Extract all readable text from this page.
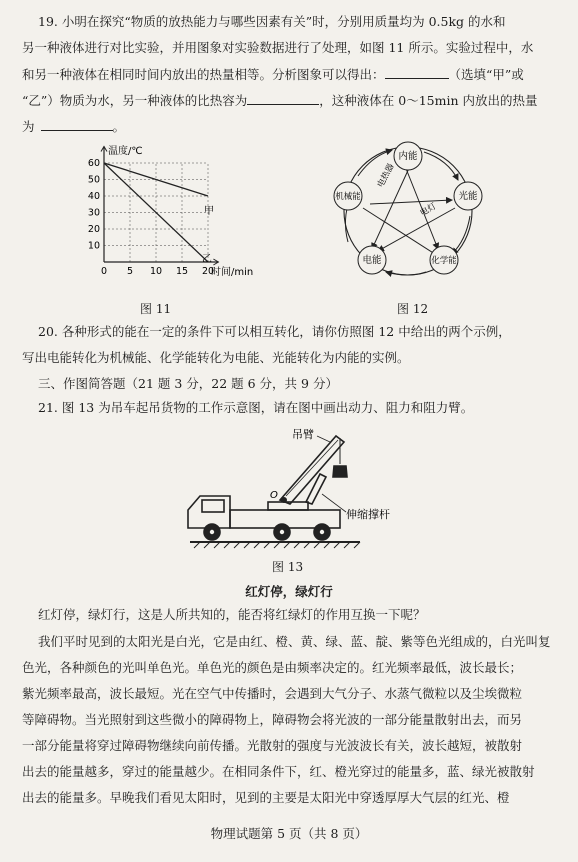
19. 小明在探究“物质的放热能力与哪些因素有关”时，分别用质量均为 0.5kg 的水和
另一种液体进行对比实验，并用图象对实验数据进行了处理，如图 11 所示。实验过程中，水
和另一种液体在相同时间内放出的热量相等。分析图象可以得出：	（选填“甲”或
“乙”）物质为水，另一种液体的比热容为	，这种液体在 0～15min 内放出的热量
为	。
10
20
30
40
50
60
0 5 10 15 20
温度/℃
时间/min
甲
乙
图 11
内能
光能
化学能
电能
机械能
电热器
电灯
图 12
20. 各种形式的能在一定的条件下可以相互转化，请你仿照图 12 中给出的两个示例，
写出电能转化为机械能、化学能转化为电能、光能转化为内能的实例。
三、作图简答题（21 题 3 分，22 题 6 分，共 9 分）
21. 图 13 为吊车起吊货物的工作示意图，请在图中画出动力、阻力和阻力臂。
O
吊臂
伸缩撑杆
图 13
红灯停，绿灯行
红灯停，绿灯行，这是人所共知的，能否将红绿灯的作用互换一下呢？
我们平时见到的太阳光是白光，它是由红、橙、黄、绿、蓝、靛、紫等色光组成的，白光叫复
色光，各种颜色的光叫单色光。单色光的颜色是由频率决定的。红光频率最低，波长最长；
紫光频率最高，波长最短。光在空气中传播时，会遇到大气分子、水蒸气微粒以及尘埃微粒
等障碍物。当光照射到这些微小的障碍物上，障碍物会将光波的一部分能量散射出去，而另
一部分能量将穿过障碍物继续向前传播。光散射的强度与光波波长有关，波长越短，被散射
出去的能量越多，穿过的能量越少。在相同条件下，红、橙光穿过的能量多，蓝、绿光被散射
出去的能量多。早晚我们看见太阳时，见到的主要是太阳光中穿透厚厚大气层的红光、橙
物理试题第 5 页（共 8 页）
